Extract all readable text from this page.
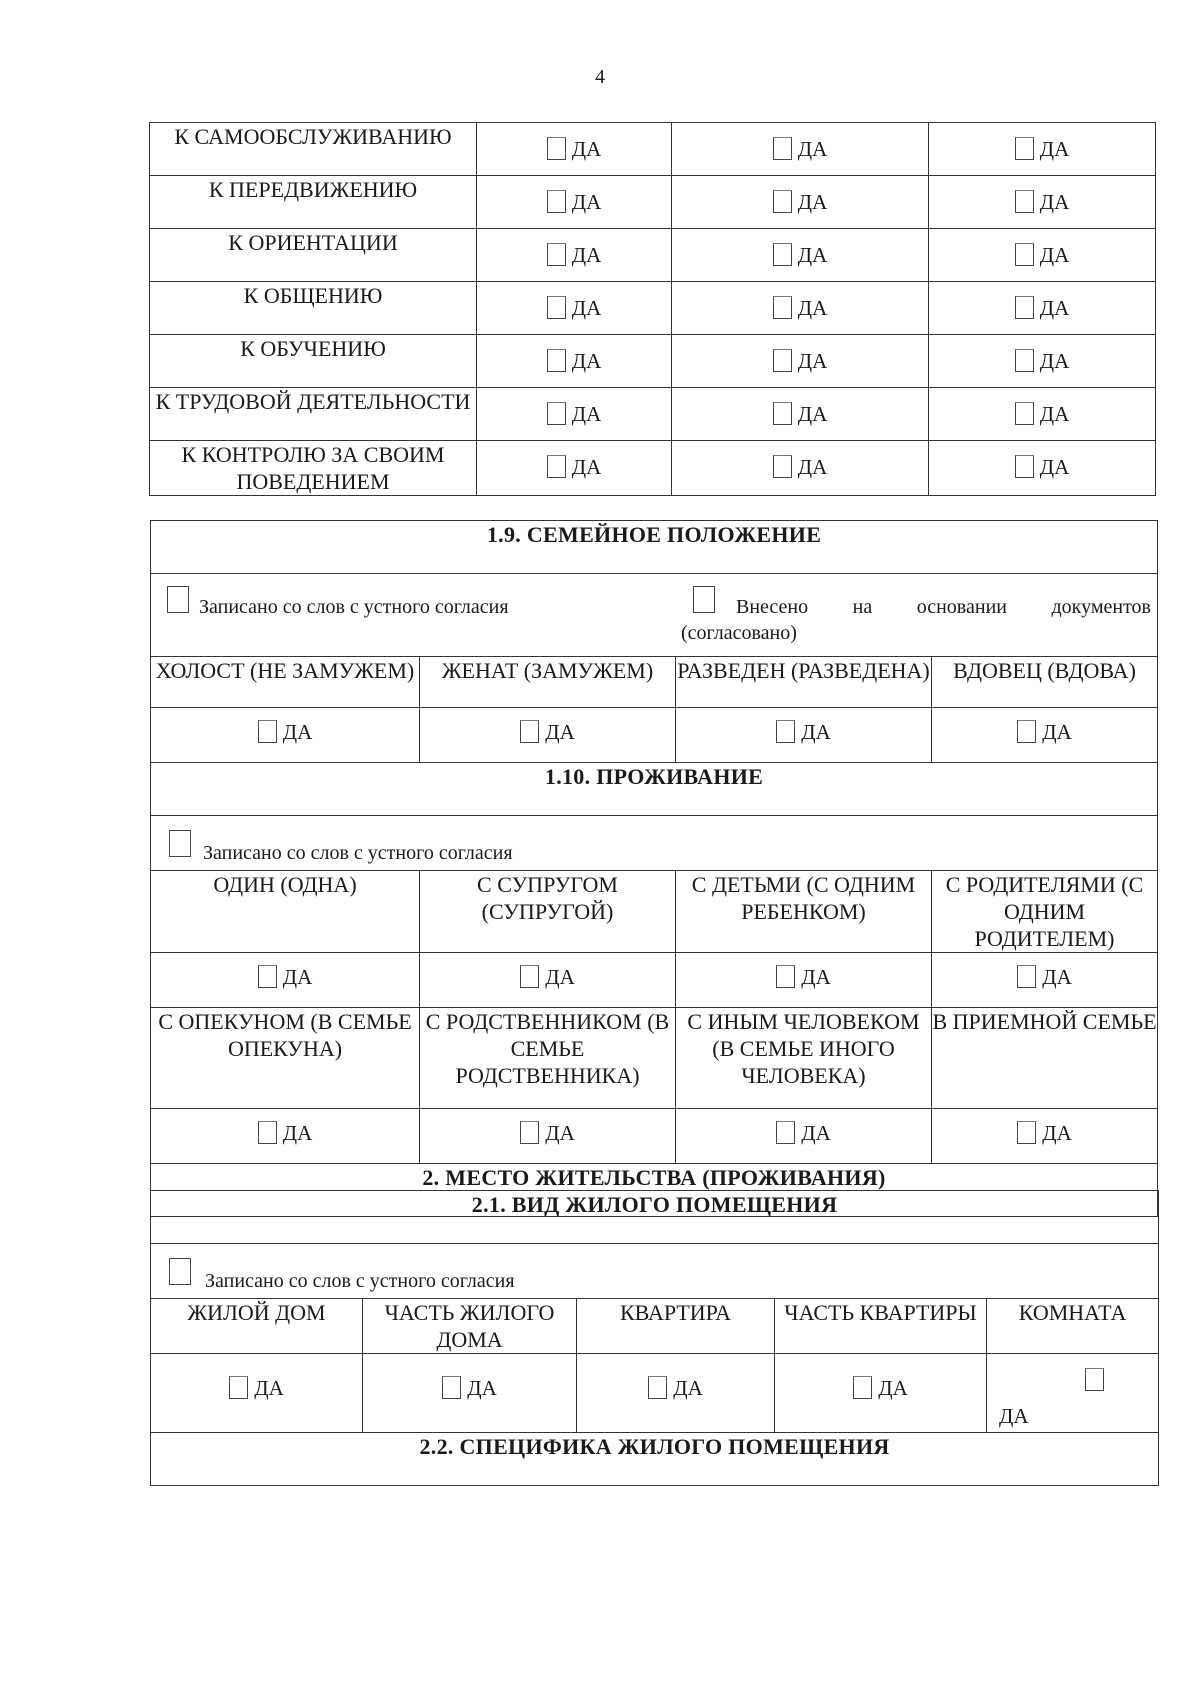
4
К САМООБСЛУЖИВАНИЮ	ДА	ДА	ДА

К ПЕРЕДВИЖЕНИЮ	ДА	ДА	ДА

К ОРИЕНТАЦИИ	ДА	ДА	ДА

К ОБЩЕНИЮ	ДА	ДА	ДА

К ОБУЧЕНИЮ	ДА	ДА	ДА

К ТРУДОВОЙ ДЕЯТЕЛЬНОСТИ	ДА	ДА	ДА

К КОНТРОЛЮ ЗА СВОИМ ПОВЕДЕНИЕМ	ДА	ДА	ДА
1.9. СЕМЕЙНОЕ ПОЛОЖЕНИЕ			

Записано со слов с устного согласия Внесено на основании документов (согласовано)			

ХОЛОСТ (НЕ ЗАМУЖЕМ)	ЖЕНАТ (ЗАМУЖЕМ)	РАЗВЕДЕН (РАЗВЕДЕНА)	ВДОВЕЦ (ВДОВА)

ДА	ДА	ДА	ДА

1.10. ПРОЖИВАНИЕ			

Записано со слов с устного согласия			

ОДИН (ОДНА)	С СУПРУГОМ (СУПРУГОЙ)	С ДЕТЬМИ (С ОДНИМ РЕБЕНКОМ)	С РОДИТЕЛЯМИ (С ОДНИМ РОДИТЕЛЕМ)

ДА	ДА	ДА	ДА

С ОПЕКУНОМ (В СЕМЬЕ ОПЕКУНА)	С РОДСТВЕННИКОМ (В СЕМЬЕ РОДСТВЕННИКА)	С ИНЫМ ЧЕЛОВЕКОМ (В СЕМЬЕ ИНОГО ЧЕЛОВЕКА)	В ПРИЕМНОЙ СЕМЬЕ

ДА	ДА	ДА	ДА

2. МЕСТО ЖИТЕЛЬСТВА (ПРОЖИВАНИЯ)			
2.1. ВИД ЖИЛОГО ПОМЕЩЕНИЯ				

Записано со слов с устного согласия				

ЖИЛОЙ ДОМ	ЧАСТЬ ЖИЛОГО ДОМА	КВАРТИРА	ЧАСТЬ КВАРТИРЫ	КОМНАТА

ДА	ДА	ДА	ДА	ДА

2.2. СПЕЦИФИКА ЖИЛОГО ПОМЕЩЕНИЯ				
